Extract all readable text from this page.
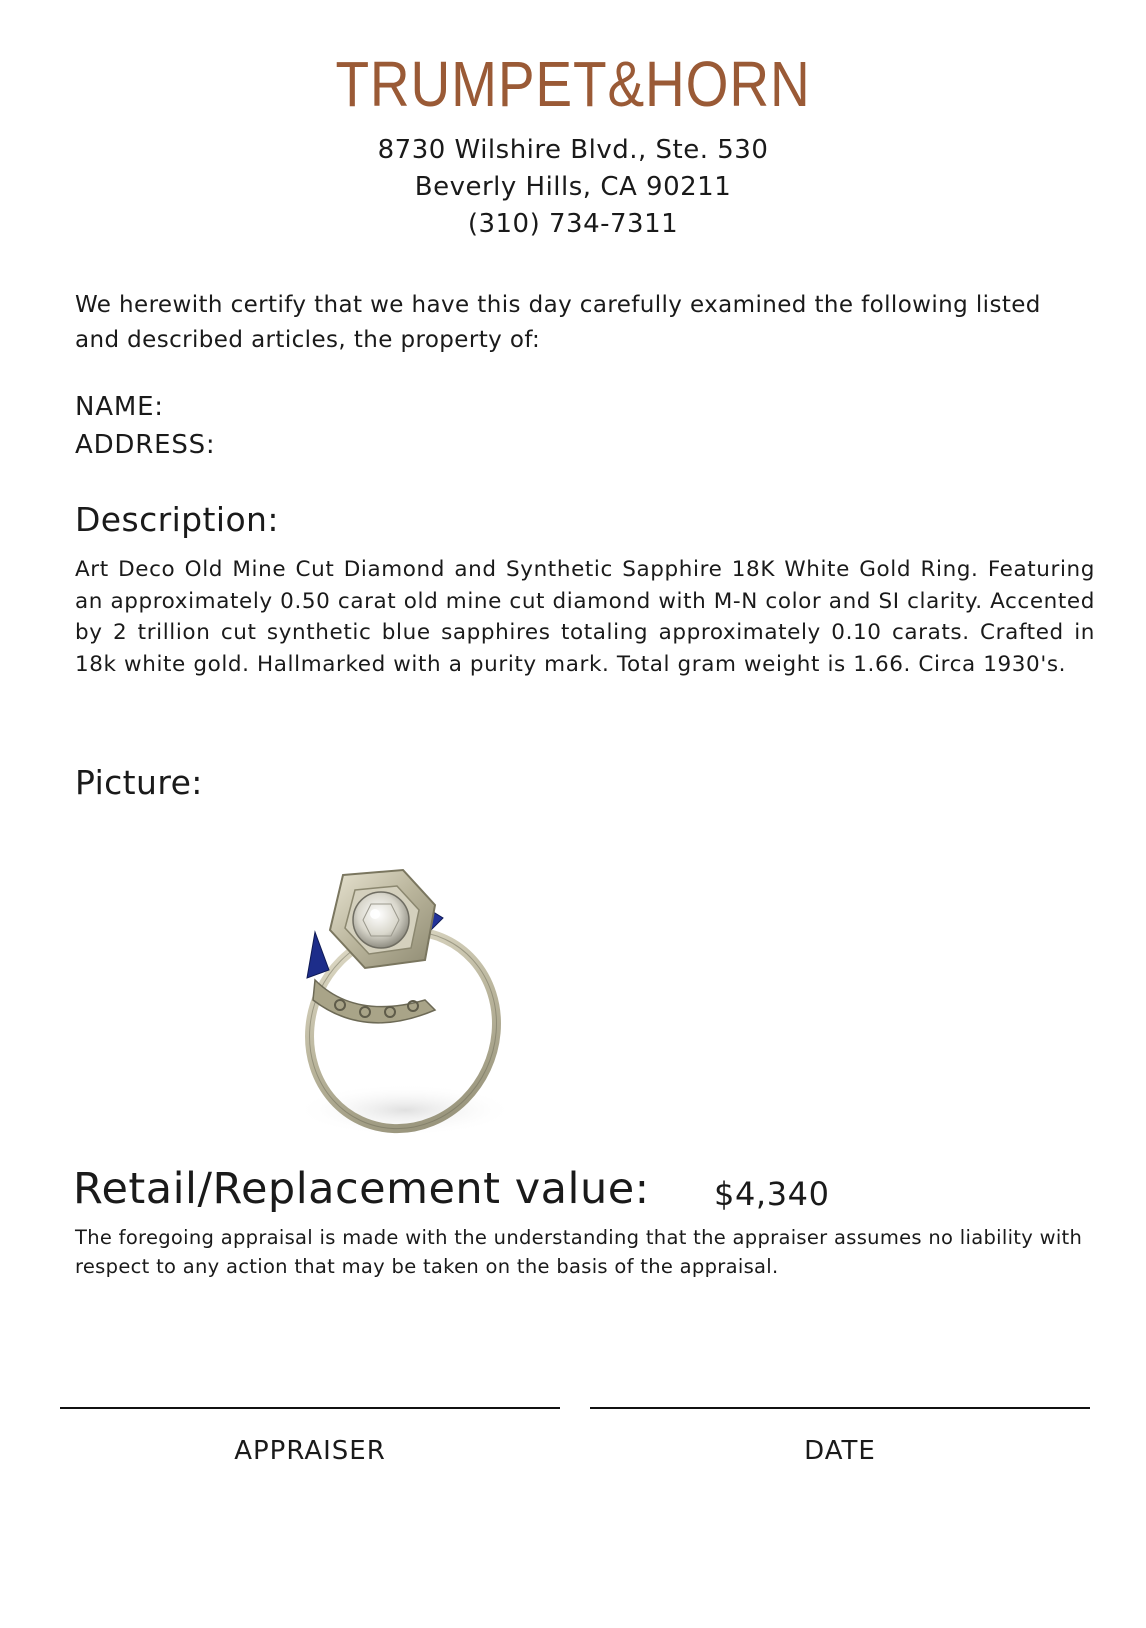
TRUMPET&HORN
8730 Wilshire Blvd., Ste. 530
Beverly Hills, CA 90211
(310) 734-7311
We herewith certify that we have this day carefully examined the following listed and described articles, the property of:
NAME:
ADDRESS:
Description:
Art Deco Old Mine Cut Diamond and Synthetic Sapphire 18K White Gold Ring. Featuring an approximately 0.50 carat old mine cut diamond with M-N color and SI clarity. Accented by 2 trillion cut synthetic blue sapphires totaling approximately 0.10 carats. Crafted in 18k white gold. Hallmarked with a purity mark. Total gram weight is 1.66. Circa 1930's.
Picture:
Retail/Replacement value: $4,340
The foregoing appraisal is made with the understanding that the appraiser assumes no liability with respect to any action that may be taken on the basis of the appraisal.
APPRAISER	DATE
